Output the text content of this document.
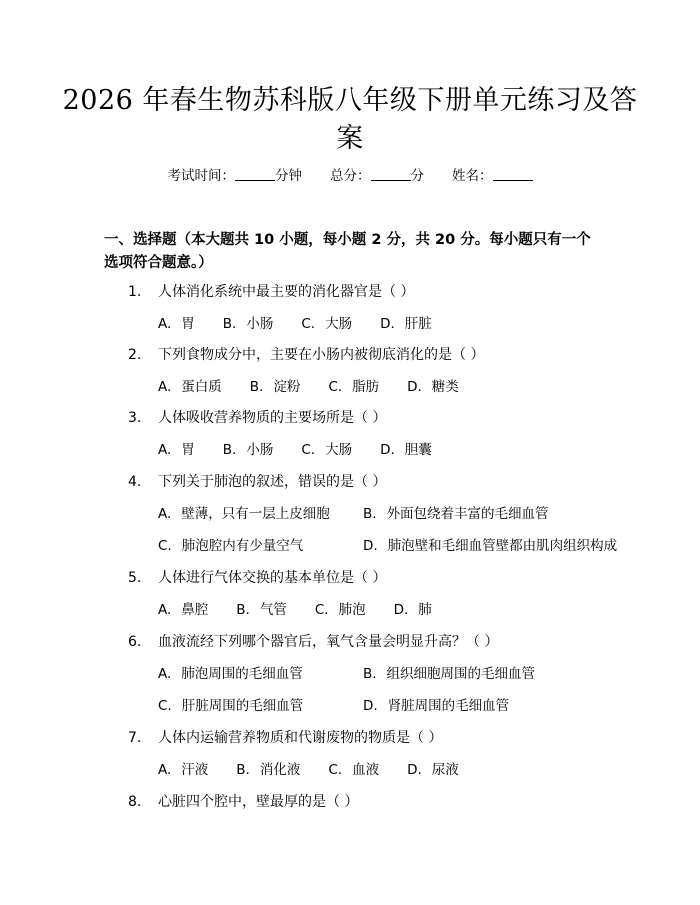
2026 年春生物苏科版八年级下册单元练习及答案
考试时间：	分钟 总分：	分 姓名：
一、选择题（本大题共 10 小题，每小题 2 分，共 20 分。每小题只有一个选项符合题意。）
1. 人体消化系统中最主要的消化器官是（ ）
A. 胃 B. 小肠 C. 大肠 D. 肝脏
2. 下列食物成分中，主要在小肠内被彻底消化的是（ ）
A. 蛋白质 B. 淀粉 C. 脂肪 D. 糖类
3. 人体吸收营养物质的主要场所是（ ）
A. 胃 B. 小肠 C. 大肠 D. 胆囊
4. 下列关于肺泡的叙述，错误的是（ ）
A. 壁薄，只有一层上皮细胞 B. 外面包绕着丰富的毛细血管
C. 肺泡腔内有少量空气	D. 肺泡壁和毛细血管壁都由肌肉组织构成
5. 人体进行气体交换的基本单位是（ ）
A. 鼻腔 B. 气管 C. 肺泡 D. 肺
6. 血液流经下列哪个器官后，氧气含量会明显升高？（ ）
A. 肺泡周围的毛细血管	B. 组织细胞周围的毛细血管
C. 肝脏周围的毛细血管	D. 肾脏周围的毛细血管
7. 人体内运输营养物质和代谢废物的物质是（ ）
A. 汗液 B. 消化液 C. 血液 D. 尿液
8. 心脏四个腔中，壁最厚的是（ ）
